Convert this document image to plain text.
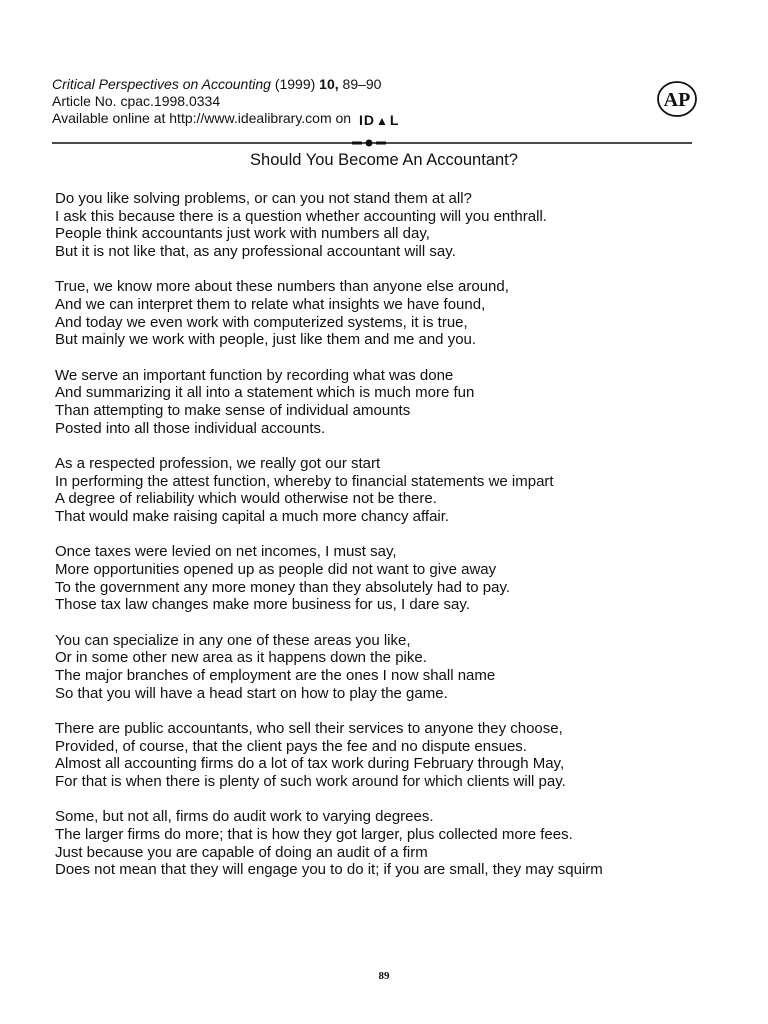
Critical Perspectives on Accounting (1999) 10, 89–90
Article No. cpac.1998.0334
Available online at http://www.idealibrary.com on ID▲L
AP
Should You Become An Accountant?
Do you like solving problems, or can you not stand them at all?
I ask this because there is a question whether accounting will you enthrall.
People think accountants just work with numbers all day,
But it is not like that, as any professional accountant will say.
True, we know more about these numbers than anyone else around,
And we can interpret them to relate what insights we have found,
And today we even work with computerized systems, it is true,
But mainly we work with people, just like them and me and you.
We serve an important function by recording what was done
And summarizing it all into a statement which is much more fun
Than attempting to make sense of individual amounts
Posted into all those individual accounts.
As a respected profession, we really got our start
In performing the attest function, whereby to financial statements we impart
A degree of reliability which would otherwise not be there.
That would make raising capital a much more chancy affair.
Once taxes were levied on net incomes, I must say,
More opportunities opened up as people did not want to give away
To the government any more money than they absolutely had to pay.
Those tax law changes make more business for us, I dare say.
You can specialize in any one of these areas you like,
Or in some other new area as it happens down the pike.
The major branches of employment are the ones I now shall name
So that you will have a head start on how to play the game.
There are public accountants, who sell their services to anyone they choose,
Provided, of course, that the client pays the fee and no dispute ensues.
Almost all accounting firms do a lot of tax work during February through May,
For that is when there is plenty of such work around for which clients will pay.
Some, but not all, firms do audit work to varying degrees.
The larger firms do more; that is how they got larger, plus collected more fees.
Just because you are capable of doing an audit of a firm
Does not mean that they will engage you to do it; if you are small, they may squirm
89
